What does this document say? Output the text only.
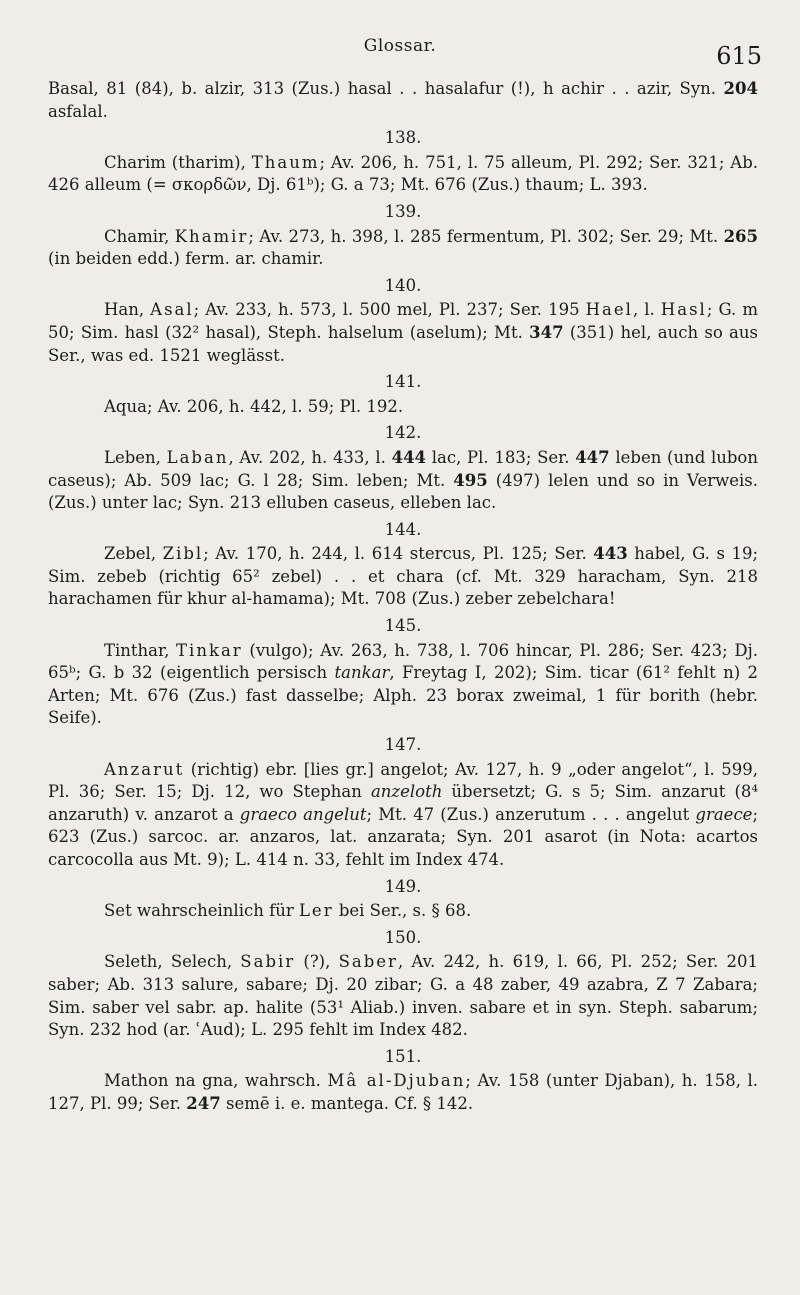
Glossar.	615

Basal, 81 (84), b. alzir, 313 (Zus.) hasal . . hasalafur (!), h achir . . azir, Syn. 204 asfalal.

138.

Charim (tharim), Thaum; Av. 206, h. 751, l. 75 alleum, Pl. 292; Ser. 321; Ab. 426 alleum (= σκορδῶν, Dj. 61ᵇ); G. a 73; Mt. 676 (Zus.) thaum; L. 393.

139.

Chamir, Khamir; Av. 273, h. 398, l. 285 fermentum, Pl. 302; Ser. 29; Mt. 265 (in beiden edd.) ferm. ar. chamir.

140.

Han, Asal; Av. 233, h. 573, l. 500 mel, Pl. 237; Ser. 195 Hael, l. Hasl; G. m 50; Sim. hasl (32² hasal), Steph. halselum (aselum); Mt. 347 (351) hel, auch so aus Ser., was ed. 1521 weglässt.

141.

Aqua; Av. 206, h. 442, l. 59; Pl. 192.

142.

Leben, Laban, Av. 202, h. 433, l. 444 lac, Pl. 183; Ser. 447 leben (und lubon caseus); Ab. 509 lac; G. l 28; Sim. leben; Mt. 495 (497) lelen und so in Verweis. (Zus.) unter lac; Syn. 213 elluben caseus, elleben lac.

144.

Zebel, Zibl; Av. 170, h. 244, l. 614 stercus, Pl. 125; Ser. 443 habel, G. s 19; Sim. zebeb (richtig 65² zebel) . . et chara (cf. Mt. 329 haracham, Syn. 218 harachamen für khur al-hamama); Mt. 708 (Zus.) zeber zebelchara!

145.

Tinthar, Tinkar (vulgo); Av. 263, h. 738, l. 706 hincar, Pl. 286; Ser. 423; Dj. 65ᵇ; G. b 32 (eigentlich persisch tankar, Freytag I, 202); Sim. ticar (61² fehlt n) 2 Arten; Mt. 676 (Zus.) fast dasselbe; Alph. 23 borax zweimal, 1 für borith (hebr. Seife).

147.

Anzarut (richtig) ebr. [lies gr.] angelot; Av. 127, h. 9 „oder angelot“, l. 599, Pl. 36; Ser. 15; Dj. 12, wo Stephan anzeloth übersetzt; G. s 5; Sim. anzarut (8⁴ anzaruth) v. anzarot a graeco angelut; Mt. 47 (Zus.) anzerutum . . . angelut graece; 623 (Zus.) sarcoc. ar. anzaros, lat. anzarata; Syn. 201 asarot (in Nota: acartos carcocolla aus Mt. 9); L. 414 n. 33, fehlt im Index 474.

149.

Set wahrscheinlich für Ler bei Ser., s. § 68.

150.

Seleth, Selech, Sabir (?), Saber, Av. 242, h. 619, l. 66, Pl. 252; Ser. 201 saber; Ab. 313 salure, sabare; Dj. 20 zibar; G. a 48 zaber, 49 azabra, Z 7 Zabara; Sim. saber vel sabr. ap. halite (53¹ Aliab.) inven. sabare et in syn. Steph. sabarum; Syn. 232 hod (ar. ʿAud); L. 295 fehlt im Index 482.

151.

Mathon na gna, wahrsch. Mâ al-Djuban; Av. 158 (unter Djaban), h. 158, l. 127, Pl. 99; Ser. 247 semē i. e. mantega. Cf. § 142.
